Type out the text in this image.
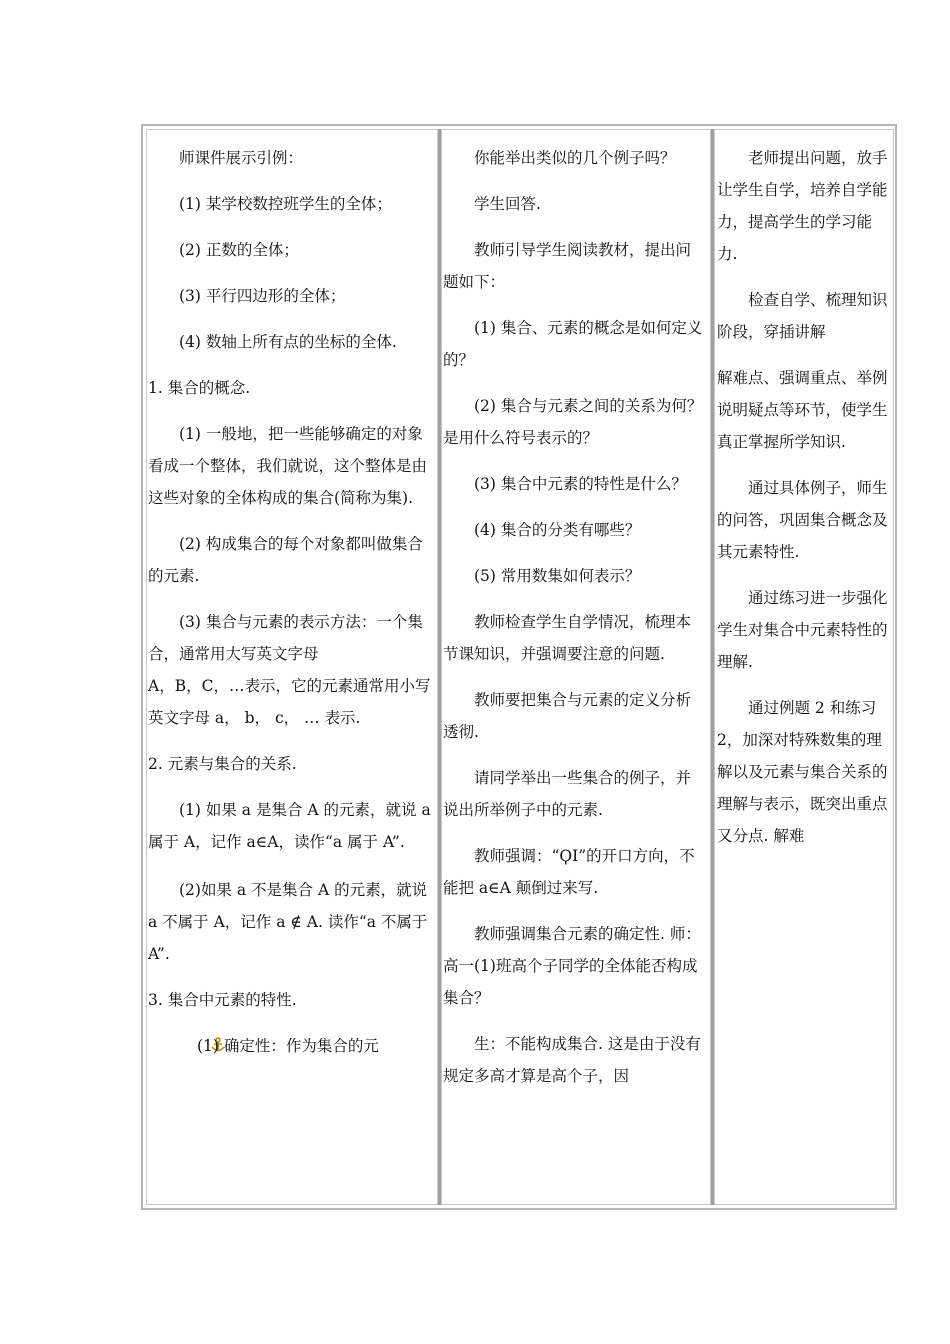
师课件展示引例：

(1) 某学校数控班学生的全体；

(2) 正数的全体；

(3) 平行四边形的全体；

(4) 数轴上所有点的坐标的全体.

1. 集合的概念.

(1) 一般地，把一些能够确定的对象看成一个整体，我们就说，这个整体是由这些对象的全体构成的集合(简称为集).

(2) 构成集合的每个对象都叫做集合的元素.

(3) 集合与元素的表示方法：一个集合，通常用大写英文字母

A，B，C，…表示，它的元素通常用小写英文字母 a， b， c， … 表示.

2. 元素与集合的关系.

(1) 如果 a 是集合 A 的元素，就说 a 属于 A，记作 a∈A，读作“a 属于 A”.

(2)如果 a 不是集合 A 的元素，就说 a 不属于 A，记作 a ∉ A. 读作“a 不属于 A”.

3. 集合中元素的特性.

(1) 确定性：作为集合的元

你能举出类似的几个例子吗？

学生回答.

教师引导学生阅读教材，提出问题如下：

(1) 集合、元素的概念是如何定义的？

(2) 集合与元素之间的关系为何？是用什么符号表示的？

(3) 集合中元素的特性是什么？

(4) 集合的分类有哪些？

(5) 常用数集如何表示？

教师检查学生自学情况，梳理本节课知识，并强调要注意的问题.

教师要把集合与元素的定义分析透彻.

请同学举出一些集合的例子，并说出所举例子中的元素.

教师强调：“ϘⅠ”的开口方向，不能把 a∈A 颠倒过来写.

教师强调集合元素的确定性. 师：高一(1)班高个子同学的全体能否构成集合？

生：不能构成集合. 这是由于没有规定多高才算是高个子，因

老师提出问题，放手让学生自学，培养自学能力，提高学生的学习能力.

检查自学、梳理知识阶段，穿插讲解

解难点、强调重点、举例说明疑点等环节，使学生真正掌握所学知识.

通过具体例子，师生的问答，巩固集合概念及其元素特性.

通过练习进一步强化学生对集合中元素特性的理解.

通过例题 2 和练习 2，加深对特殊数集的理解以及元素与集合关系的理解与表示，既突出重点又分点. 解难
